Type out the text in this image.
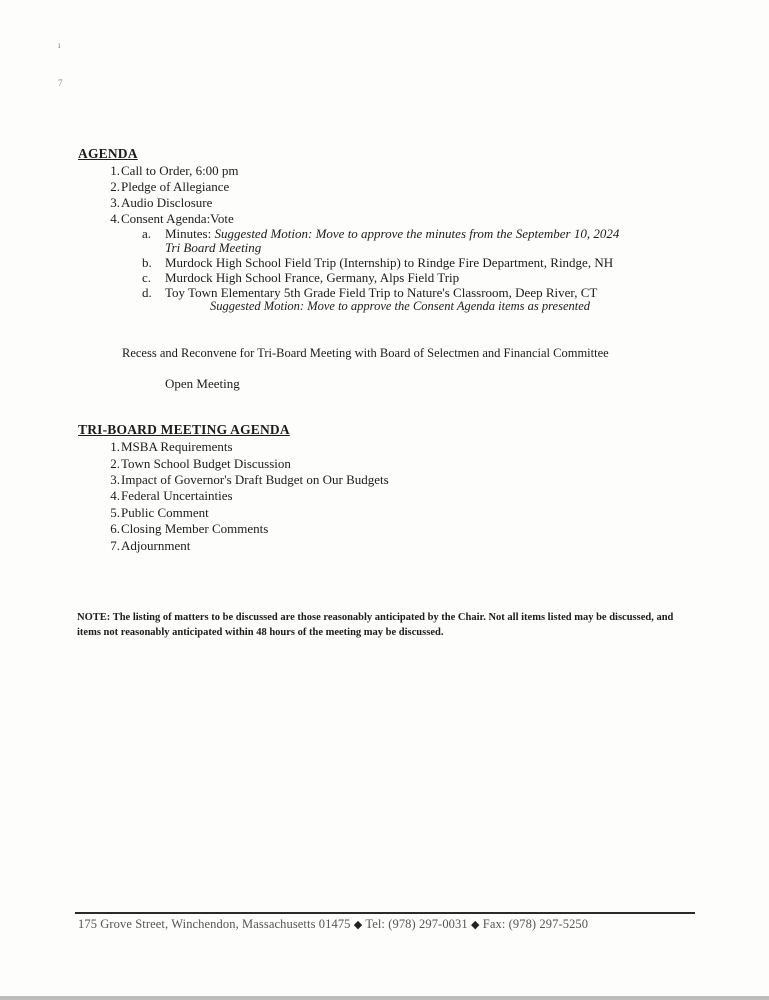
ı
7
AGENDA
1. Call to Order, 6:00 pm
2. Pledge of Allegiance
3. Audio Disclosure
4. Consent Agenda:Vote
a. Minutes: Suggested Motion: Move to approve the minutes from the September 10, 2024
Tri Board Meeting
b. Murdock High School Field Trip (Internship) to Rindge Fire Department, Rindge, NH
c. Murdock High School France, Germany, Alps Field Trip
d. Toy Town Elementary 5th Grade Field Trip to Nature's Classroom, Deep River, CT
Suggested Motion: Move to approve the Consent Agenda items as presented
Recess and Reconvene for Tri-Board Meeting with Board of Selectmen and Financial Committee
Open Meeting
TRI-BOARD MEETING AGENDA
1. MSBA Requirements
2. Town School Budget Discussion
3. Impact of Governor's Draft Budget on Our Budgets
4. Federal Uncertainties
5. Public Comment
6. Closing Member Comments
7. Adjournment
NOTE: The listing of matters to be discussed are those reasonably anticipated by the Chair. Not all items listed may be discussed, and items not reasonably anticipated within 48 hours of the meeting may be discussed.
175 Grove Street, Winchendon, Massachusetts 01475 ◆ Tel: (978) 297-0031 ◆ Fax: (978) 297-5250
